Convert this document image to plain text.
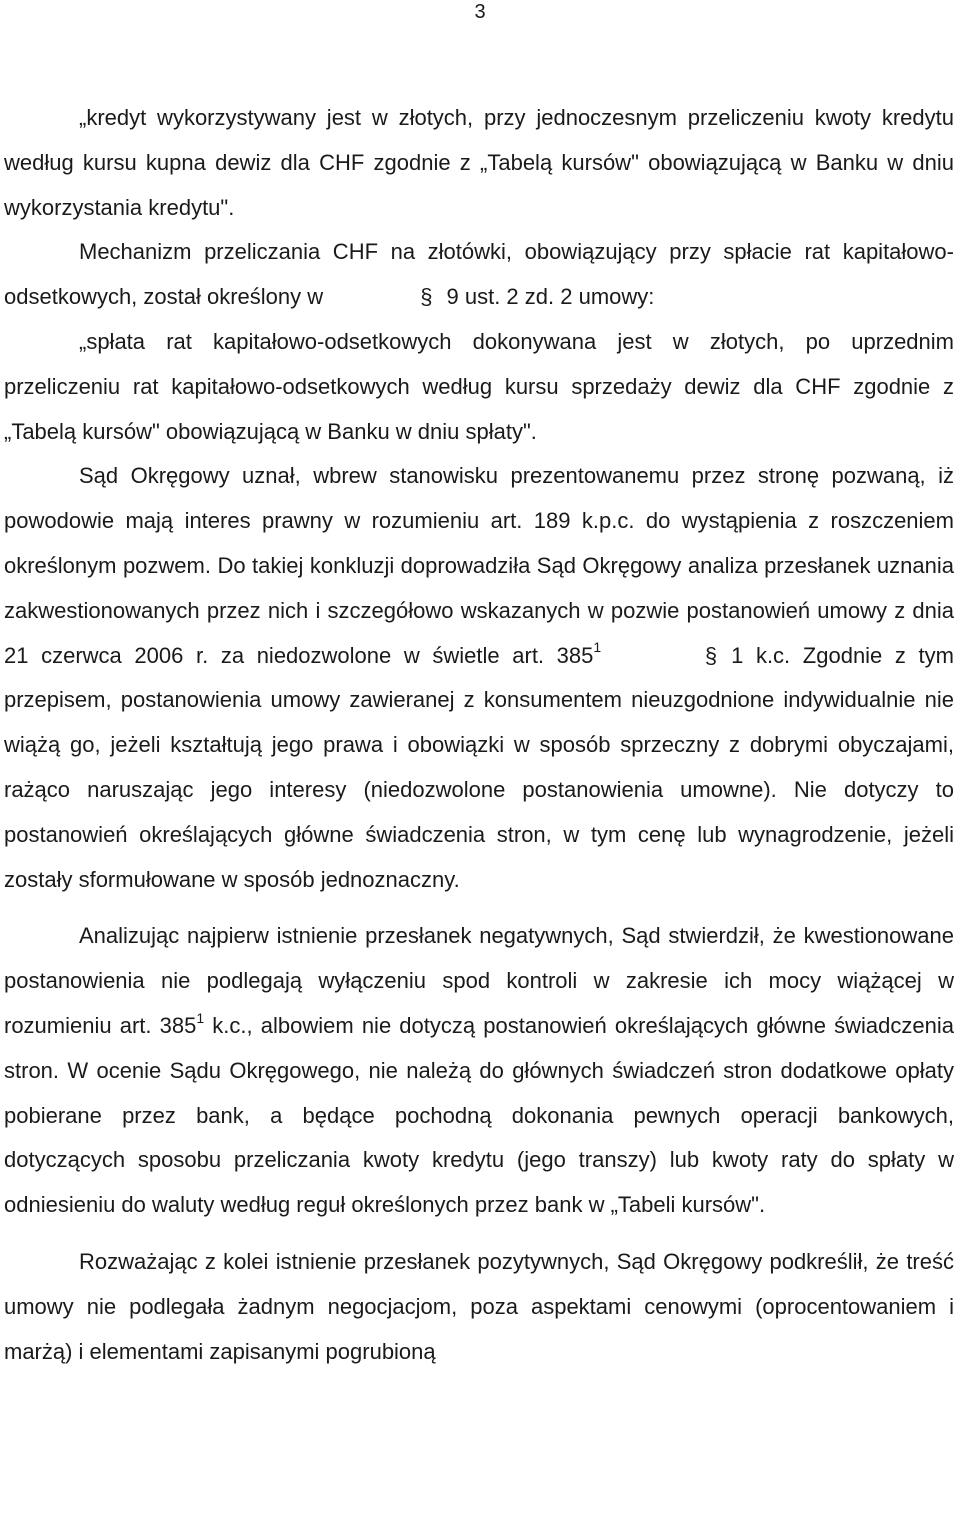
3

„kredyt wykorzystywany jest w złotych, przy jednoczesnym przeliczeniu kwoty kredytu według kursu kupna dewiz dla CHF zgodnie z „Tabelą kursów" obowiązującą w Banku w dniu wykorzystania kredytu".

Mechanizm przeliczania CHF na złotówki, obowiązujący przy spłacie rat kapitałowo-odsetkowych, został określony w	§ 9 ust. 2 zd. 2 umowy:

„spłata rat kapitałowo-odsetkowych dokonywana jest w złotych, po uprzednim przeliczeniu rat kapitałowo-odsetkowych według kursu sprzedaży dewiz dla CHF zgodnie z „Tabelą kursów" obowiązującą w Banku w dniu spłaty".

Sąd Okręgowy uznał, wbrew stanowisku prezentowanemu przez stronę pozwaną, iż powodowie mają interes prawny w rozumieniu art. 189 k.p.c. do wystąpienia z roszczeniem określonym pozwem. Do takiej konkluzji doprowadziła Sąd Okręgowy analiza przesłanek uznania zakwestionowanych przez nich i szczegółowo wskazanych w pozwie postanowień umowy z dnia 21 czerwca 2006 r. za niedozwolone w świetle art. $385^1$	§ 1 k.c. Zgodnie z tym przepisem, postanowienia umowy zawieranej z konsumentem nieuzgodnione indywidualnie nie wiążą go, jeżeli kształtują jego prawa i obowiązki w sposób sprzeczny z dobrymi obyczajami, rażąco naruszając jego interesy (niedozwolone postanowienia umowne). Nie dotyczy to postanowień określających główne świadczenia stron, w tym cenę lub wynagrodzenie, jeżeli zostały sformułowane w sposób jednoznaczny.

Analizując najpierw istnienie przesłanek negatywnych, Sąd stwierdził, że kwestionowane postanowienia nie podlegają wyłączeniu spod kontroli w zakresie ich mocy wiążącej w rozumieniu art. $385^1$ k.c., albowiem nie dotyczą postanowień określających główne świadczenia stron. W ocenie Sądu Okręgowego, nie należą do głównych świadczeń stron dodatkowe opłaty pobierane przez bank, a będące pochodną dokonania pewnych operacji bankowych, dotyczących sposobu przeliczania kwoty kredytu (jego transzy) lub kwoty raty do spłaty w odniesieniu do waluty według reguł określonych przez bank w „Tabeli kursów".

Rozważając z kolei istnienie przesłanek pozytywnych, Sąd Okręgowy podkreślił, że treść umowy nie podlegała żadnym negocjacjom, poza aspektami cenowymi (oprocentowaniem i marżą) i elementami zapisanymi pogrubioną
